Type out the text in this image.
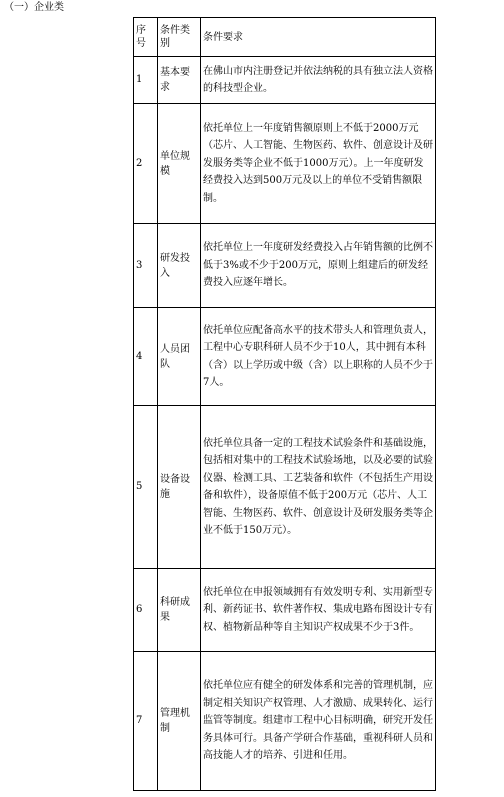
（一）企业类
序号	条件类别	条件要求
1	基本要求	在佛山市内注册登记并依法纳税的具有独立法人资格的科技型企业。
2	单位规模	依托单位上一年度销售额原则上不低于2000万元（芯片、人工智能、生物医药、软件、创意设计及研发服务类等企业不低于1000万元）。上一年度研发经费投入达到500万元及以上的单位不受销售额限制。
3	研发投入	依托单位上一年度研发经费投入占年销售额的比例不低于3%或不少于200万元，原则上组建后的研发经费投入应逐年增长。
4	人员团队	依托单位应配备高水平的技术带头人和管理负责人，工程中心专职科研人员不少于10人，其中拥有本科（含）以上学历或中级（含）以上职称的人员不少于7人。
5	设备设施	依托单位具备一定的工程技术试验条件和基础设施，包括相对集中的工程技术试验场地，以及必要的试验仪器、检测工具、工艺装备和软件（不包括生产用设备和软件），设备原值不低于200万元（芯片、人工智能、生物医药、软件、创意设计及研发服务类等企业不低于150万元）。
6	科研成果	依托单位在申报领域拥有有效发明专利、实用新型专利、新药证书、软件著作权、集成电路布图设计专有权、植物新品种等自主知识产权成果不少于3件。
7	管理机制	依托单位应有健全的研发体系和完善的管理机制，应制定相关知识产权管理、人才激励、成果转化、运行监管等制度。组建市工程中心目标明确，研究开发任务具体可行。具备产学研合作基础，重视科研人员和高技能人才的培养、引进和任用。
